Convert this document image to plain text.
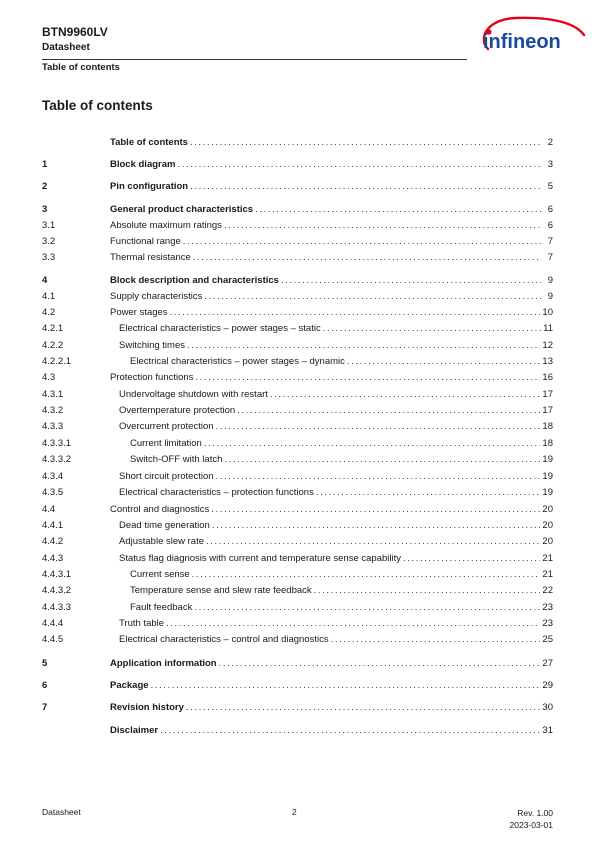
BTN9960LV
Datasheet
Table of contents
infineon
Table of contents
Table of contents .....	2
1	Block diagram .....	3
2	Pin configuration .....	5
3	General product characteristics .....	6
3.1	Absolute maximum ratings .....	6
3.2	Functional range .....	7
3.3	Thermal resistance .....	7
4	Block description and characteristics .....	9
4.1	Supply characteristics .....	9
4.2	Power stages .....	10
4.2.1	Electrical characteristics – power stages – static .....	11
4.2.2	Switching times .....	12
4.2.2.1	Electrical characteristics – power stages – dynamic .....	13
4.3	Protection functions .....	16
4.3.1	Undervoltage shutdown with restart .....	17
4.3.2	Overtemperature protection .....	17
4.3.3	Overcurrent protection .....	18
4.3.3.1	Current limitation .....	18
4.3.3.2	Switch-OFF with latch .....	19
4.3.4	Short circuit protection .....	19
4.3.5	Electrical characteristics – protection functions .....	19
4.4	Control and diagnostics .....	20
4.4.1	Dead time generation .....	20
4.4.2	Adjustable slew rate .....	20
4.4.3	Status flag diagnosis with current and temperature sense capability .....	21
4.4.3.1	Current sense .....	21
4.4.3.2	Temperature sense and slew rate feedback .....	22
4.4.3.3	Fault feedback .....	23
4.4.4	Truth table .....	23
4.4.5	Electrical characteristics – control and diagnostics .....	25
5	Application information .....	27
6	Package .....	29
7	Revision history .....	30
Disclaimer .....	31
Datasheet	2	Rev. 1.00
2023-03-01
